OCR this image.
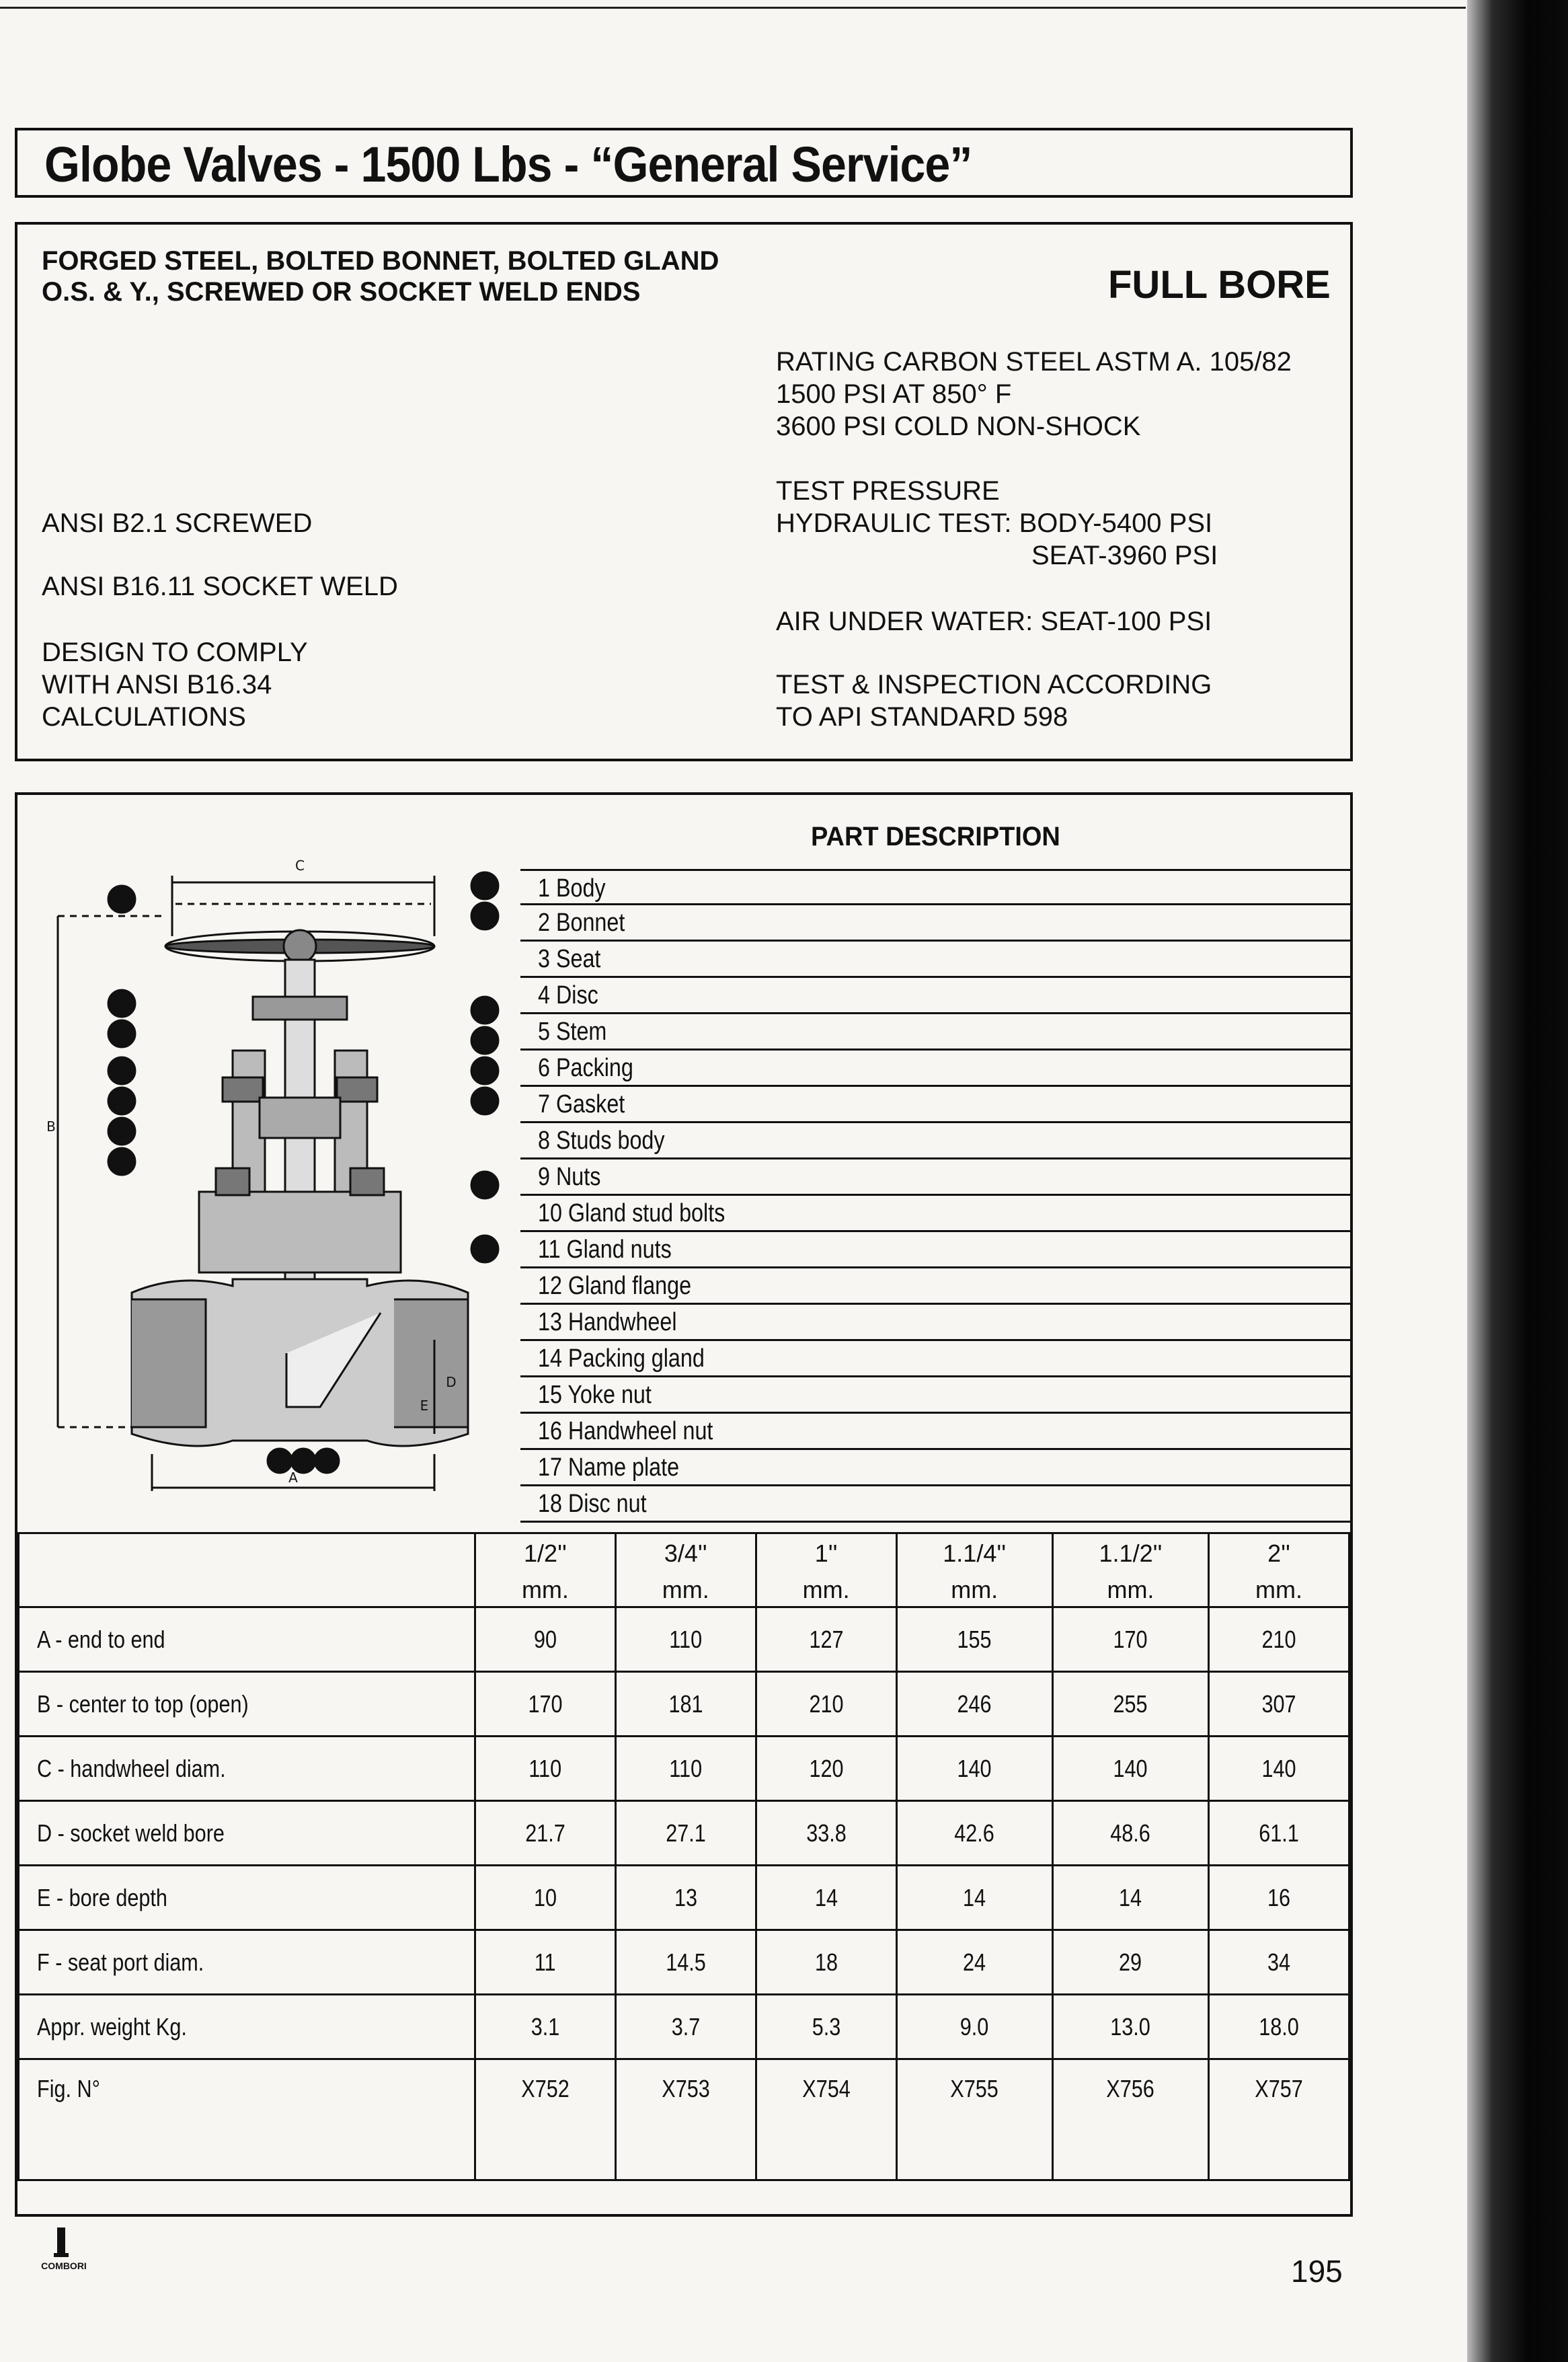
Globe Valves - 1500 Lbs - “General Service”
FORGED STEEL, BOLTED BONNET, BOLTED GLAND
O.S. & Y., SCREWED OR SOCKET WELD ENDS	FULL BORE
RATING CARBON STEEL ASTM A. 105/82
1500 PSI AT 850° F
3600 PSI COLD NON-SHOCK
TEST PRESSURE
HYDRAULIC TEST: BODY-5400 PSI
SEAT-3960 PSI
AIR UNDER WATER: SEAT-100 PSI
TEST & INSPECTION ACCORDING
TO API STANDARD 598
ANSI B2.1 SCREWED
ANSI B16.11 SOCKET WELD
DESIGN TO COMPLY
WITH ANSI B16.34
CALCULATIONS
13
15
2
11
10
8
9
16
17
5
12
14
6
7
18
1 4 3
C
B
A
D
E
PART DESCRIPTION
1 Body
2 Bonnet
3 Seat
4 Disc
5 Stem
6 Packing
7 Gasket
8 Studs body
9 Nuts
10 Gland stud bolts
11 Gland nuts
12 Gland flange
13 Handwheel
14 Packing gland
15 Yoke nut
16 Handwheel nut
17 Name plate
18 Disc nut
	1/2''	3/4''	1''	1.1/4''	1.1/2''	2''
	mm.	mm.	mm.	mm.	mm.	mm.
A - end to end	90	110	127	155	170	210
B - center to top (open)	170	181	210	246	255	307
C - handwheel diam.	110	110	120	140	140	140
D - socket weld bore	21.7	27.1	33.8	42.6	48.6	61.1
E - bore depth	10	13	14	14	14	16
F - seat port diam.	11	14.5	18	24	29	34
Appr. weight Kg.	3.1	3.7	5.3	9.0	13.0	18.0
Fig. N°	X752	X753	X754	X755	X756	X757
COMBORI	195
